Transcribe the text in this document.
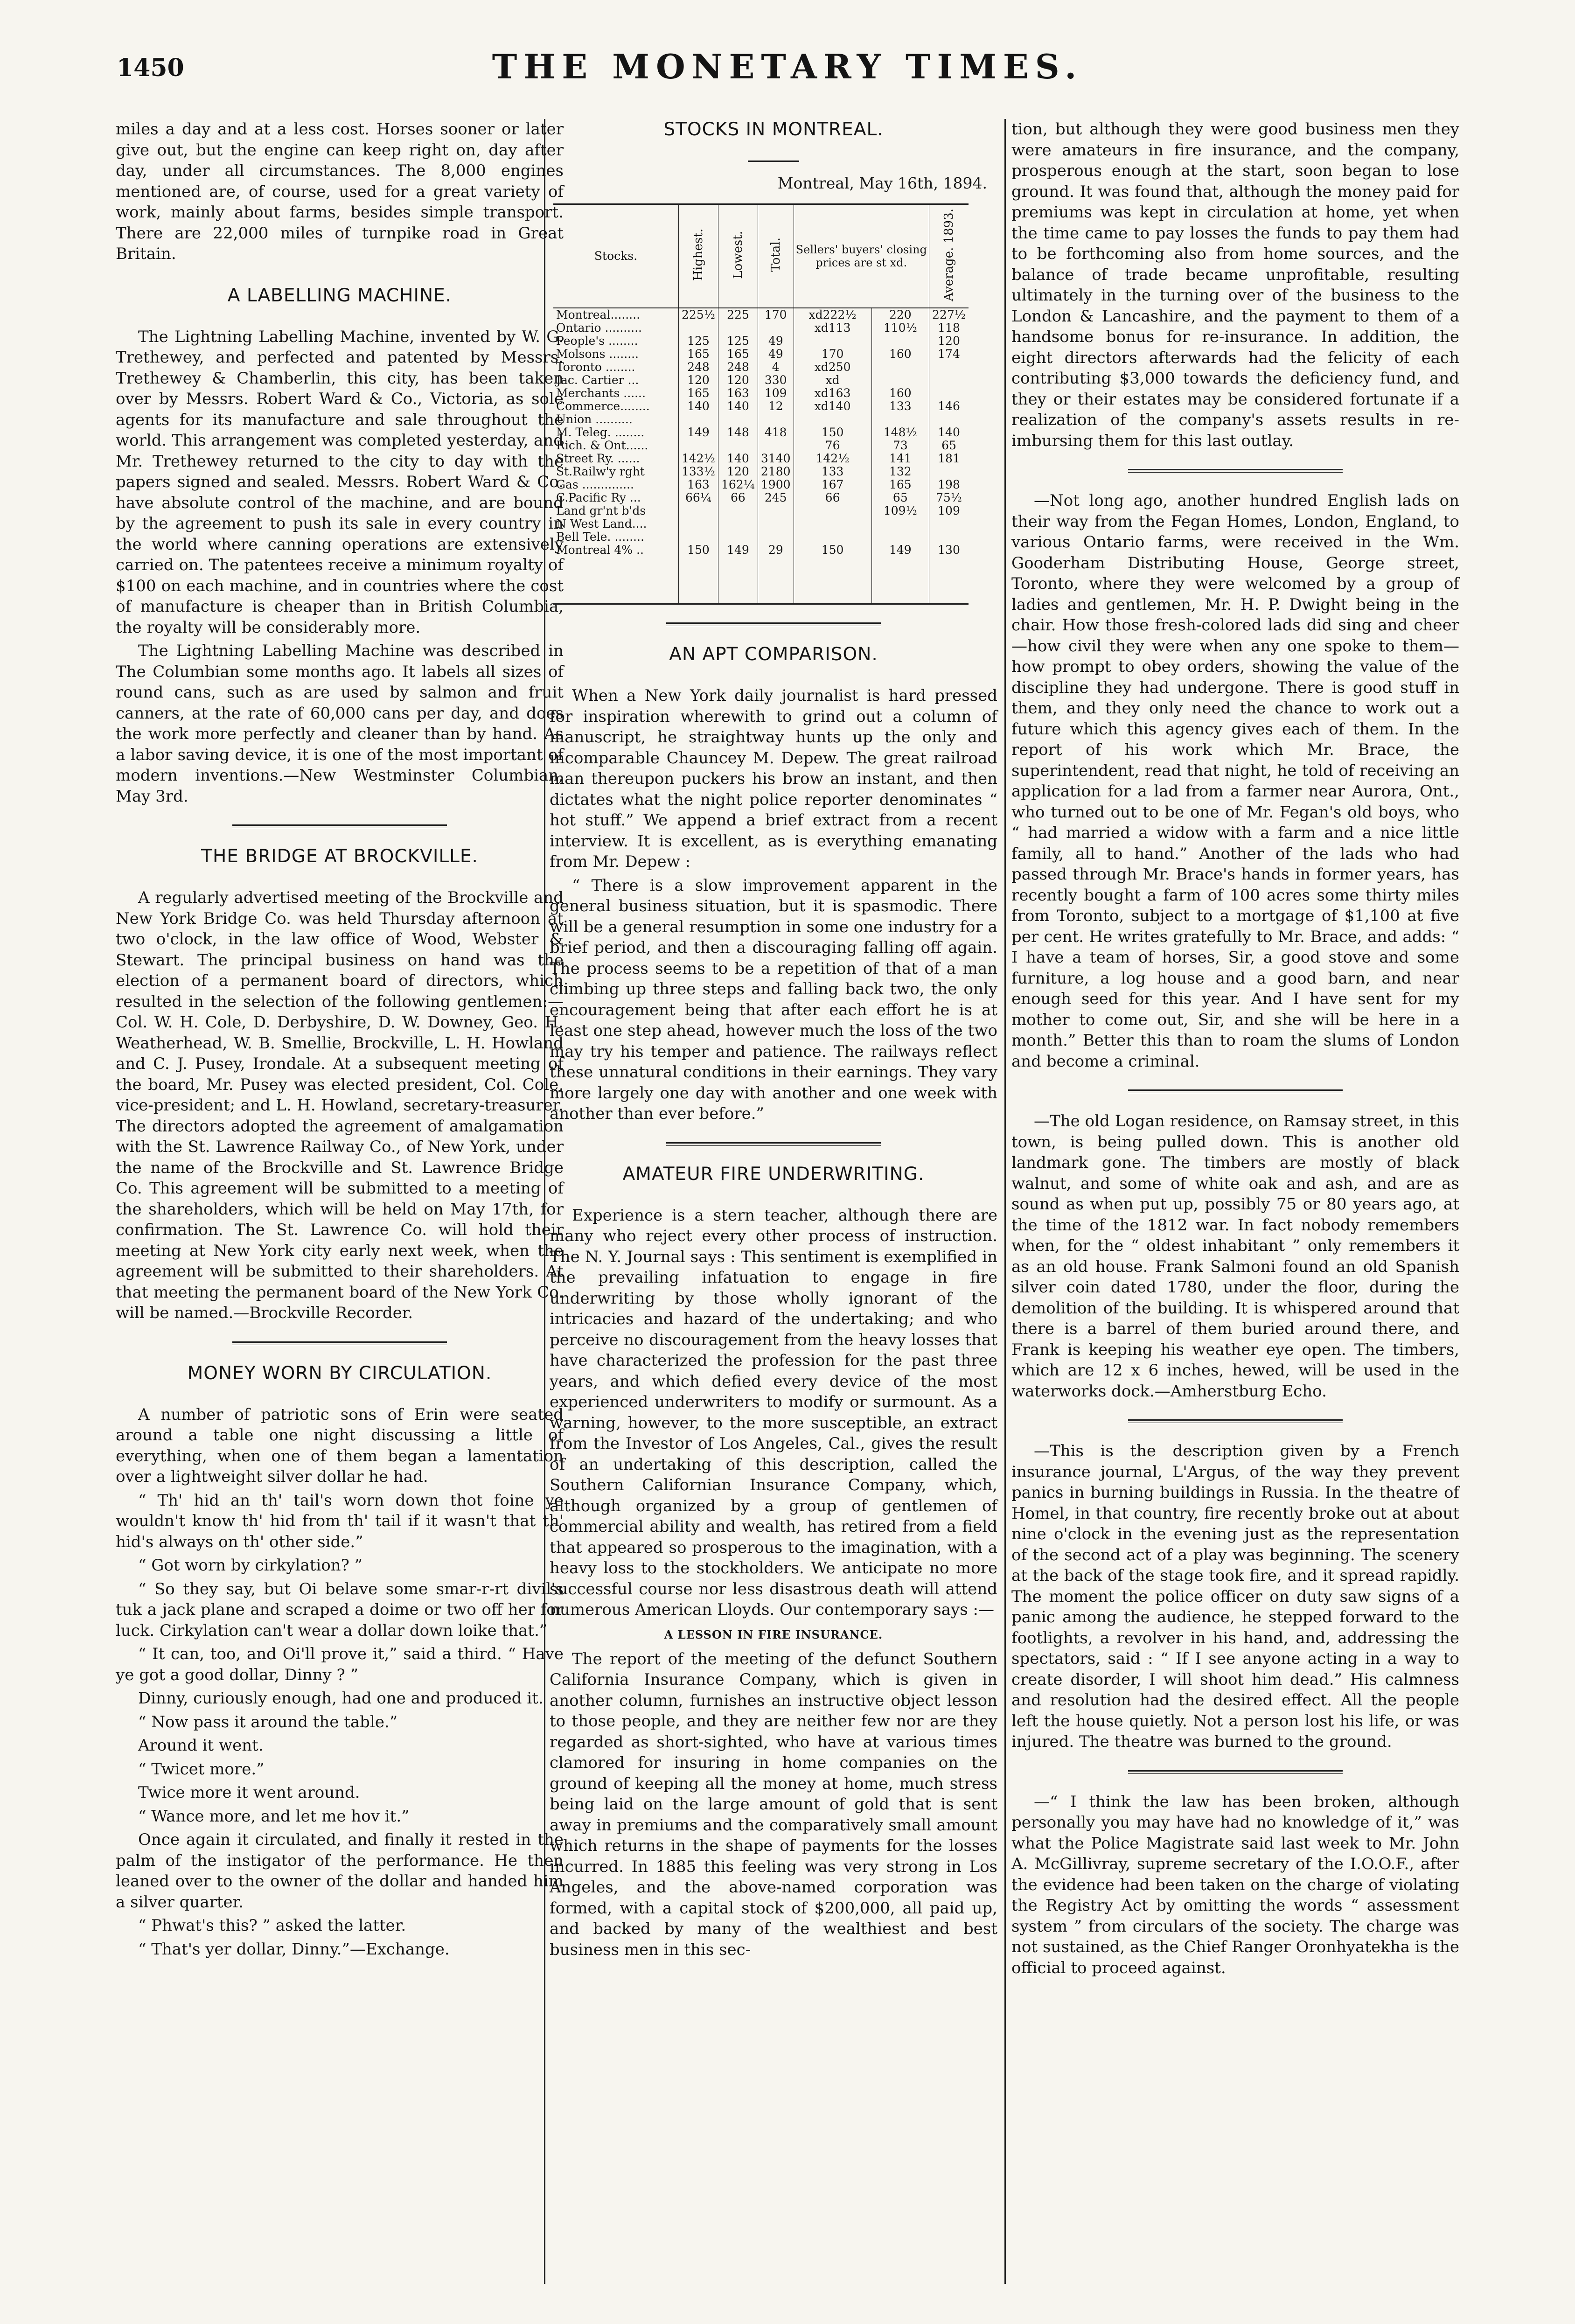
1450	THE MONETARY TIMES.

miles a day and at a less cost. Horses sooner or later give out, but the engine can keep right on, day after day, under all circumstances. The 8,000 engines mentioned are, of course, used for a great variety of work, mainly about farms, besides simple transport. There are 22,000 miles of turnpike road in Great Britain.

A LABELLING MACHINE.

The Lightning Labelling Machine, invented by W. G. Trethewey, and perfected and patented by Messrs. Trethewey & Chamberlin, this city, has been taken over by Messrs. Robert Ward & Co., Victoria, as sole agents for its manufacture and sale throughout the world. This arrangement was completed yesterday, and Mr. Trethewey returned to the city to day with the papers signed and sealed. Messrs. Robert Ward & Co. have absolute control of the machine, and are bound by the agreement to push its sale in every country in the world where canning operations are extensively carried on. The patentees receive a minimum royalty of $100 on each machine, and in countries where the cost of manufacture is cheaper than in British Columbia, the royalty will be considerably more.

The Lightning Labelling Machine was described in The Columbian some months ago. It labels all sizes of round cans, such as are used by salmon and fruit canners, at the rate of 60,000 cans per day, and does the work more perfectly and cleaner than by hand. As a labor saving device, it is one of the most important of modern inventions.—New Westminster Columbian, May 3rd.

THE BRIDGE AT BROCKVILLE.

A regularly advertised meeting of the Brockville and New York Bridge Co. was held Thursday afternoon at two o'clock, in the law office of Wood, Webster & Stewart. The principal business on hand was the election of a permanent board of directors, which resulted in the selection of the following gentlemen:—Col. W. H. Cole, D. Derbyshire, D. W. Downey, Geo. H. Weatherhead, W. B. Smellie, Brockville, L. H. Howland and C. J. Pusey, Irondale. At a subsequent meeting of the board, Mr. Pusey was elected president, Col. Cole, vice-president; and L. H. Howland, secretary-treasurer. The directors adopted the agreement of amalgamation with the St. Lawrence Railway Co., of New York, under the name of the Brockville and St. Lawrence Bridge Co. This agreement will be submitted to a meeting of the shareholders, which will be held on May 17th, for confirmation. The St. Lawrence Co. will hold their meeting at New York city early next week, when the agreement will be submitted to their shareholders. At that meeting the permanent board of the New York Co. will be named.—Brockville Recorder.

MONEY WORN BY CIRCULATION.

A number of patriotic sons of Erin were seated around a table one night discussing a little of everything, when one of them began a lamentation over a lightweight silver dollar he had.

“ Th' hid an th' tail's worn down thot foine ye wouldn't know th' hid from th' tail if it wasn't that th' hid's always on th' other side.”

“ Got worn by cirkylation? ”

“ So they say, but Oi belave some smar-r-rt divil's tuk a jack plane and scraped a doime or two off her for luck. Cirkylation can't wear a dollar down loike that.”

“ It can, too, and Oi'll prove it,” said a third. “ Have ye got a good dollar, Dinny ? ”

Dinny, curiously enough, had one and produced it.

“ Now pass it around the table.”

Around it went.

“ Twicet more.”

Twice more it went around.

“ Wance more, and let me hov it.”

Once again it circulated, and finally it rested in the palm of the instigator of the performance. He then leaned over to the owner of the dollar and handed him a silver quarter.

“ Phwat's this? ” asked the latter.

“ That's yer dollar, Dinny.”—Exchange.

STOCKS IN MONTREAL.
Montreal, May 16th, 1894.
Stocks.	Highest.	Lowest.	Total.	Sellers' buyers' closing prices are st xd.		Average. 1893.
Montreal........	225½	225	170	xd222½	220	227½
Ontario ..........				xd113	110½	118
People's ........	125	125	49			120
Molsons ........	165	165	49	170	160	174
Toronto ........	248	248	4	xd250		
Jac. Cartier ...	120	120	330	xd		
Merchants ......	165	163	109	xd163	160	
Commerce........	140	140	12	xd140	133	146
Union ..........						
M. Teleg. ........	149	148	418	150	148½	140
Rich. & Ont......				76	73	65
Street Ry. ......	142½	140	3140	142½	141	181
St.Railw'y rght	133½	120	2180	133	132	
Gas ..............	163	162¼	1900	167	165	198
C.Pacific Ry ...	66¼	66	245	66	65	75½
Land gr'nt b'ds					109½	109
N West Land....						
Bell Tele. ........						
Montreal 4% ..	150	149	29	150	149	130
AN APT COMPARISON.

When a New York daily journalist is hard pressed for inspiration wherewith to grind out a column of manuscript, he straightway hunts up the only and incomparable Chauncey M. Depew. The great railroad man thereupon puckers his brow an instant, and then dictates what the night police reporter denominates “ hot stuff.” We append a brief extract from a recent interview. It is excellent, as is everything emanating from Mr. Depew :

“ There is a slow improvement apparent in the general business situation, but it is spasmodic. There will be a general resumption in some one industry for a brief period, and then a discouraging falling off again. The process seems to be a repetition of that of a man climbing up three steps and falling back two, the only encouragement being that after each effort he is at least one step ahead, however much the loss of the two may try his temper and patience. The railways reflect these unnatural conditions in their earnings. They vary more largely one day with another and one week with another than ever before.”

AMATEUR FIRE UNDERWRITING.

Experience is a stern teacher, although there are many who reject every other process of instruction. The N. Y. Journal says : This sentiment is exemplified in the prevailing infatuation to engage in fire underwriting by those wholly ignorant of the intricacies and hazard of the undertaking; and who perceive no discouragement from the heavy losses that have characterized the profession for the past three years, and which defied every device of the most experienced underwriters to modify or surmount. As a warning, however, to the more susceptible, an extract from the Investor of Los Angeles, Cal., gives the result of an undertaking of this description, called the Southern Californian Insurance Company, which, although organized by a group of gentlemen of commercial ability and wealth, has retired from a field that appeared so prosperous to the imagination, with a heavy loss to the stockholders. We anticipate no more successful course nor less disastrous death will attend numerous American Lloyds. Our contemporary says :—

A LESSON IN FIRE INSURANCE.

The report of the meeting of the defunct Southern California Insurance Company, which is given in another column, furnishes an instructive object lesson to those people, and they are neither few nor are they regarded as short-sighted, who have at various times clamored for insuring in home companies on the ground of keeping all the money at home, much stress being laid on the large amount of gold that is sent away in premiums and the comparatively small amount which returns in the shape of payments for the losses incurred. In 1885 this feeling was very strong in Los Angeles, and the above-named corporation was formed, with a capital stock of $200,000, all paid up, and backed by many of the wealthiest and best business men in this sec-

tion, but although they were good business men they were amateurs in fire insurance, and the company, prosperous enough at the start, soon began to lose ground. It was found that, although the money paid for premiums was kept in circulation at home, yet when the time came to pay losses the funds to pay them had to be forthcoming also from home sources, and the balance of trade became unprofitable, resulting ultimately in the turning over of the business to the London & Lancashire, and the payment to them of a handsome bonus for re-insurance. In addition, the eight directors afterwards had the felicity of each contributing $3,000 towards the deficiency fund, and they or their estates may be considered fortunate if a realization of the company's assets results in re-imbursing them for this last outlay.

—Not long ago, another hundred English lads on their way from the Fegan Homes, London, England, to various Ontario farms, were received in the Wm. Gooderham Distributing House, George street, Toronto, where they were welcomed by a group of ladies and gentlemen, Mr. H. P. Dwight being in the chair. How those fresh-colored lads did sing and cheer—how civil they were when any one spoke to them—how prompt to obey orders, showing the value of the discipline they had undergone. There is good stuff in them, and they only need the chance to work out a future which this agency gives each of them. In the report of his work which Mr. Brace, the superintendent, read that night, he told of receiving an application for a lad from a farmer near Aurora, Ont., who turned out to be one of Mr. Fegan's old boys, who “ had married a widow with a farm and a nice little family, all to hand.” Another of the lads who had passed through Mr. Brace's hands in former years, has recently bought a farm of 100 acres some thirty miles from Toronto, subject to a mortgage of $1,100 at five per cent. He writes gratefully to Mr. Brace, and adds: “ I have a team of horses, Sir, a good stove and some furniture, a log house and a good barn, and near enough seed for this year. And I have sent for my mother to come out, Sir, and she will be here in a month.” Better this than to roam the slums of London and become a criminal.

—The old Logan residence, on Ramsay street, in this town, is being pulled down. This is another old landmark gone. The timbers are mostly of black walnut, and some of white oak and ash, and are as sound as when put up, possibly 75 or 80 years ago, at the time of the 1812 war. In fact nobody remembers when, for the “ oldest inhabitant ” only remembers it as an old house. Frank Salmoni found an old Spanish silver coin dated 1780, under the floor, during the demolition of the building. It is whispered around that there is a barrel of them buried around there, and Frank is keeping his weather eye open. The timbers, which are 12 x 6 inches, hewed, will be used in the waterworks dock.—Amherstburg Echo.

—This is the description given by a French insurance journal, L'Argus, of the way they prevent panics in burning buildings in Russia. In the theatre of Homel, in that country, fire recently broke out at about nine o'clock in the evening just as the representation of the second act of a play was beginning. The scenery at the back of the stage took fire, and it spread rapidly. The moment the police officer on duty saw signs of a panic among the audience, he stepped forward to the footlights, a revolver in his hand, and, addressing the spectators, said : “ If I see anyone acting in a way to create disorder, I will shoot him dead.” His calmness and resolution had the desired effect. All the people left the house quietly. Not a person lost his life, or was injured. The theatre was burned to the ground.

—“ I think the law has been broken, although personally you may have had no knowledge of it,” was what the Police Magistrate said last week to Mr. John A. McGillivray, supreme secretary of the I.O.O.F., after the evidence had been taken on the charge of violating the Registry Act by omitting the words “ assessment system ” from circulars of the society. The charge was not sustained, as the Chief Ranger Oronhyatekha is the official to proceed against.
